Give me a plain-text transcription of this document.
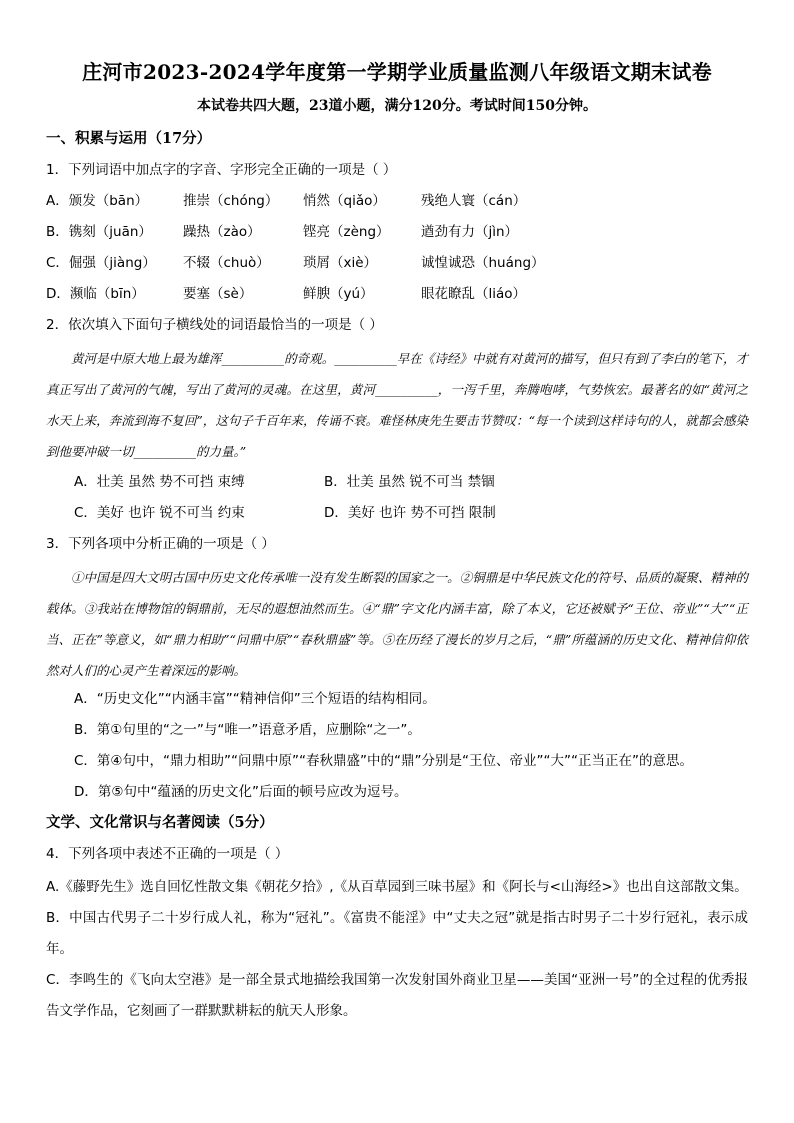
庄河市2023-2024学年度第一学期学业质量监测八年级语文期末试卷
本试卷共四大题，23道小题，满分120分。考试时间150分钟。
一、积累与运用（17分）
1．下列词语中加点字的字音、字形完全正确的一项是（ ）
A．颁发（bān）	推崇（chóng）	悄然（qiǎo）	残绝人寰（cán）
B．镌刻（juān）	躁热（zào）	铿亮（zèng）	遒劲有力（jìn）
C．倔强（jiàng）	不辍（chuò）	琐屑（xiè）	诚惶诚恐（huáng）
D．濒临（bīn）	要塞（sè）	鲜腴（yú）	眼花瞭乱（liáo）
2．依次填入下面句子横线处的词语最恰当的一项是（ ）

黄河是中原大地上最为雄浑__________的奇观。__________早在《诗经》中就有对黄河的描写，但只有到了李白的笔下，才真正写出了黄河的气魄，写出了黄河的灵魂。在这里，黄河__________，一泻千里，奔腾咆哮，气势恢宏。最著名的如“黄河之水天上来，奔流到海不复回”，这句子千百年来，传诵不衰。难怪林庚先生要击节赞叹：“每一个读到这样诗句的人，就都会感染到他要冲破一切__________的力量。”

A．壮美 虽然 势不可挡 束缚	B．壮美 虽然 锐不可当 禁锢
C．美好 也许 锐不可当 约束	D．美好 也许 势不可挡 限制
3．下列各项中分析正确的一项是（ ）

①中国是四大文明古国中历史文化传承唯一没有发生断裂的国家之一。②铜鼎是中华民族文化的符号、品质的凝聚、精神的载体。③我站在博物馆的铜鼎前，无尽的遐想油然而生。④“鼎”字文化内涵丰富，除了本义，它还被赋予“王位、帝业”“大”“正当、正在”等意义，如“鼎力相助”“问鼎中原”“春秋鼎盛”等。⑤在历经了漫长的岁月之后，“鼎”所蕴涵的历史文化、精神信仰依然对人们的心灵产生着深远的影响。

A．“历史文化”“内涵丰富”“精神信仰”三个短语的结构相同。
B．第①句里的“之一”与“唯一”语意矛盾，应删除“之一”。
C．第④句中，“鼎力相助”“问鼎中原”“春秋鼎盛”中的“鼎”分别是“王位、帝业”“大”“正当正在”的意思。
D．第⑤句中“蕴涵的历史文化”后面的顿号应改为逗号。
文学、文化常识与名著阅读（5分）
4．下列各项中表述不正确的一项是（ ）

A.《藤野先生》选自回忆性散文集《朝花夕拾》,《从百草园到三味书屋》和《阿长与<山海经>》也出自这部散文集。

B．中国古代男子二十岁行成人礼，称为“冠礼”。《富贵不能淫》中“丈夫之冠”就是指古时男子二十岁行冠礼，表示成年。

C．李鸣生的《飞向太空港》是一部全景式地描绘我国第一次发射国外商业卫星——美国“亚洲一号”的全过程的优秀报告文学作品，它刻画了一群默默耕耘的航天人形象。
